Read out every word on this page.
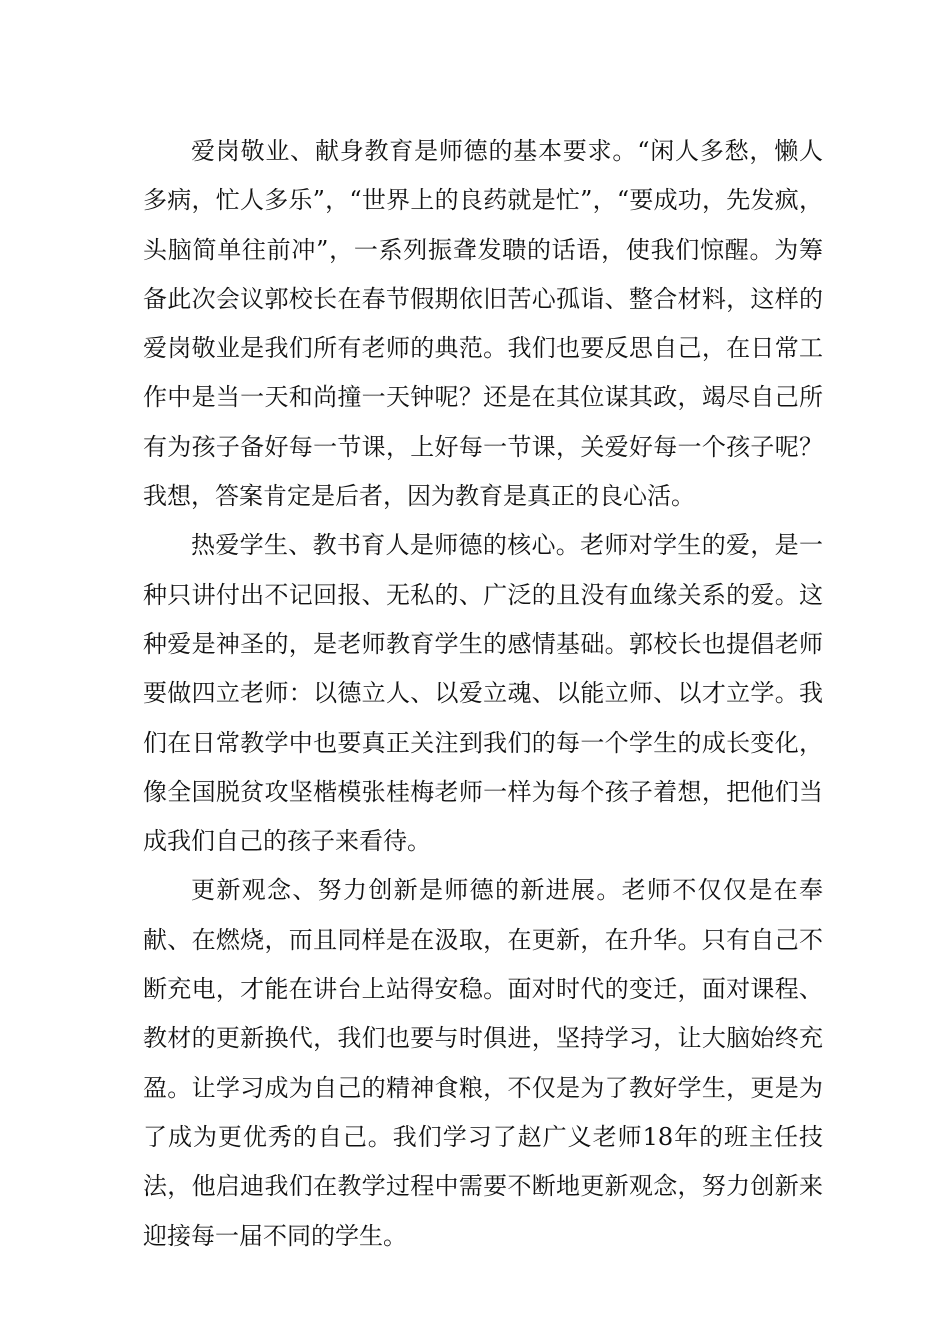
爱岗敬业、献身教育是师德的基本要求。“闲人多愁，懒人多病，忙人多乐”，“世界上的良药就是忙”，“要成功，先发疯，头脑简单往前冲”，一系列振聋发聩的话语，使我们惊醒。为筹备此次会议郭校长在春节假期依旧苦心孤诣、整合材料，这样的爱岗敬业是我们所有老师的典范。我们也要反思自己，在日常工作中是当一天和尚撞一天钟呢？还是在其位谋其政，竭尽自己所有为孩子备好每一节课，上好每一节课，关爱好每一个孩子呢？我想，答案肯定是后者，因为教育是真正的良心活。

热爱学生、教书育人是师德的核心。老师对学生的爱，是一种只讲付出不记回报、无私的、广泛的且没有血缘关系的爱。这种爱是神圣的，是老师教育学生的感情基础。郭校长也提倡老师要做四立老师：以德立人、以爱立魂、以能立师、以才立学。我们在日常教学中也要真正关注到我们的每一个学生的成长变化，像全国脱贫攻坚楷模张桂梅老师一样为每个孩子着想，把他们当成我们自己的孩子来看待。

更新观念、努力创新是师德的新进展。老师不仅仅是在奉献、在燃烧，而且同样是在汲取，在更新，在升华。只有自己不断充电，才能在讲台上站得安稳。面对时代的变迁，面对课程、教材的更新换代，我们也要与时俱进，坚持学习，让大脑始终充盈。让学习成为自己的精神食粮，不仅是为了教好学生，更是为了成为更优秀的自己。我们学习了赵广义老师18年的班主任技法，他启迪我们在教学过程中需要不断地更新观念，努力创新来迎接每一届不同的学生。
